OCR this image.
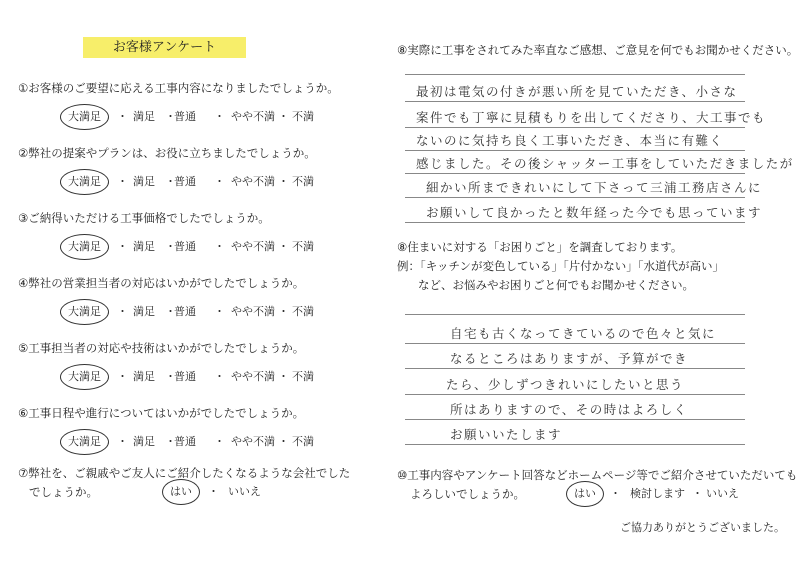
お客様アンケート
①お客様のご要望に応える工事内容になりましたでしょうか。
大満足 ・ 満足 ・
普通 ・ やや不満 ・ 不満
②弊社の提案やプランは、お役に立ちましたでしょうか。
大満足 ・ 満足 ・
普通 ・ やや不満 ・ 不満
③ご納得いただける工事価格でしたでしょうか。
大満足 ・ 満足 ・
普通 ・ やや不満 ・ 不満
④弊社の営業担当者の対応はいかがでしたでしょうか。
大満足 ・ 満足 ・
普通 ・ やや不満 ・ 不満
⑤工事担当者の対応や技術はいかがでしたでしょうか。
大満足 ・ 満足 ・
普通 ・ やや不満 ・ 不満
⑥工事日程や進行についてはいかがでしたでしょうか。
大満足 ・ 満足 ・
普通 ・ やや不満 ・ 不満
⑦弊社を、ご親戚やご友人にご紹介したくなるような会社でした
でしょうか。	はい ・ いいえ
⑧実際に工事をされてみた率直なご感想、ご意見を何でもお聞かせください。
最初は電気の付きが悪い所を見ていただき、小さな
案件でも丁寧に見積もりを出してくださり、大工事でも
ないのに気持ち良く工事いただき、本当に有難く
感じました。その後シャッター工事をしていただきましたが
細かい所まできれいにして下さって三浦工務店さんに
お願いして良かったと数年経った今でも思っています
⑧住まいに対する「お困りごと」を調査しております。
例：「キッチンが変色している」「片付かない」「水道代が高い」
など、お悩みやお困りごと何でもお聞かせください。
自宅も古くなってきているので色々と気に
なるところはありますが、予算ができ
たら、少しずつきれいにしたいと思う
所はありますので、その時はよろしく
お願いいたします
⑩工事内容やアンケート回答などホームページ等でご紹介させていただいても
よろしいでしょうか。	はい ・ 検討します ・ いいえ
ご協力ありがとうございました。
